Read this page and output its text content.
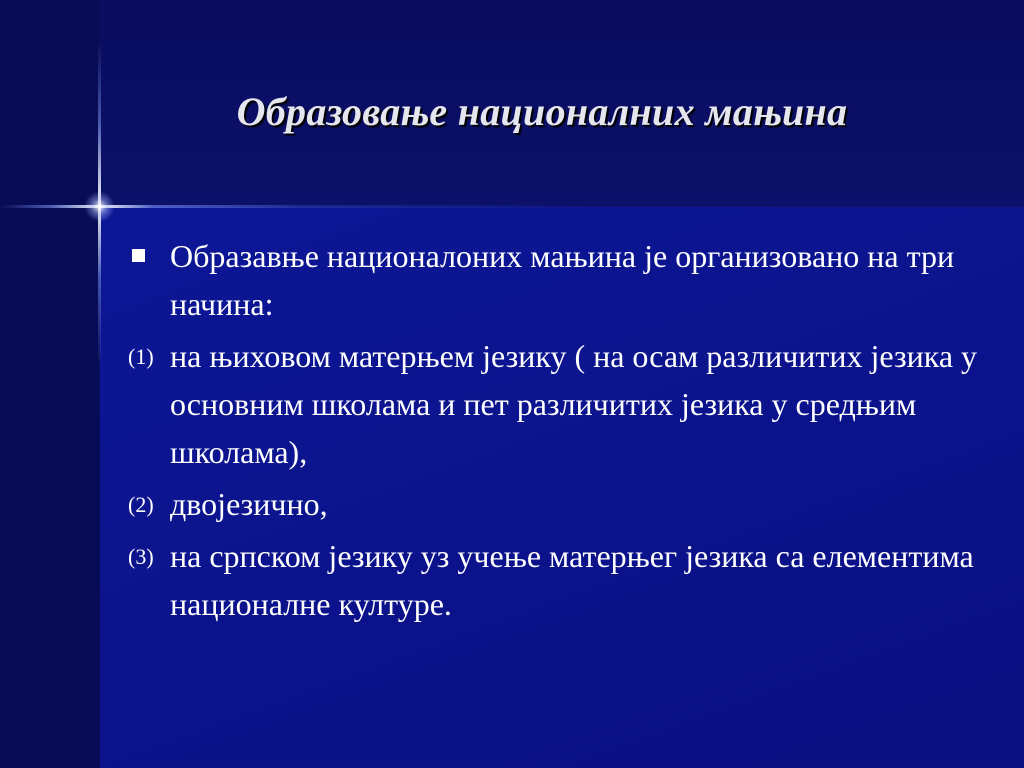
Образовање националних мањина
Образавње националоних мањина је организовано на три начина:
(1) на њиховом матерњем језику ( на осам различитих језика у основним школама и пет различитих језика у средњим школама),
(2) двојезично,
(3) на српском језику уз учење матерњег језика са елементима националне културе.
